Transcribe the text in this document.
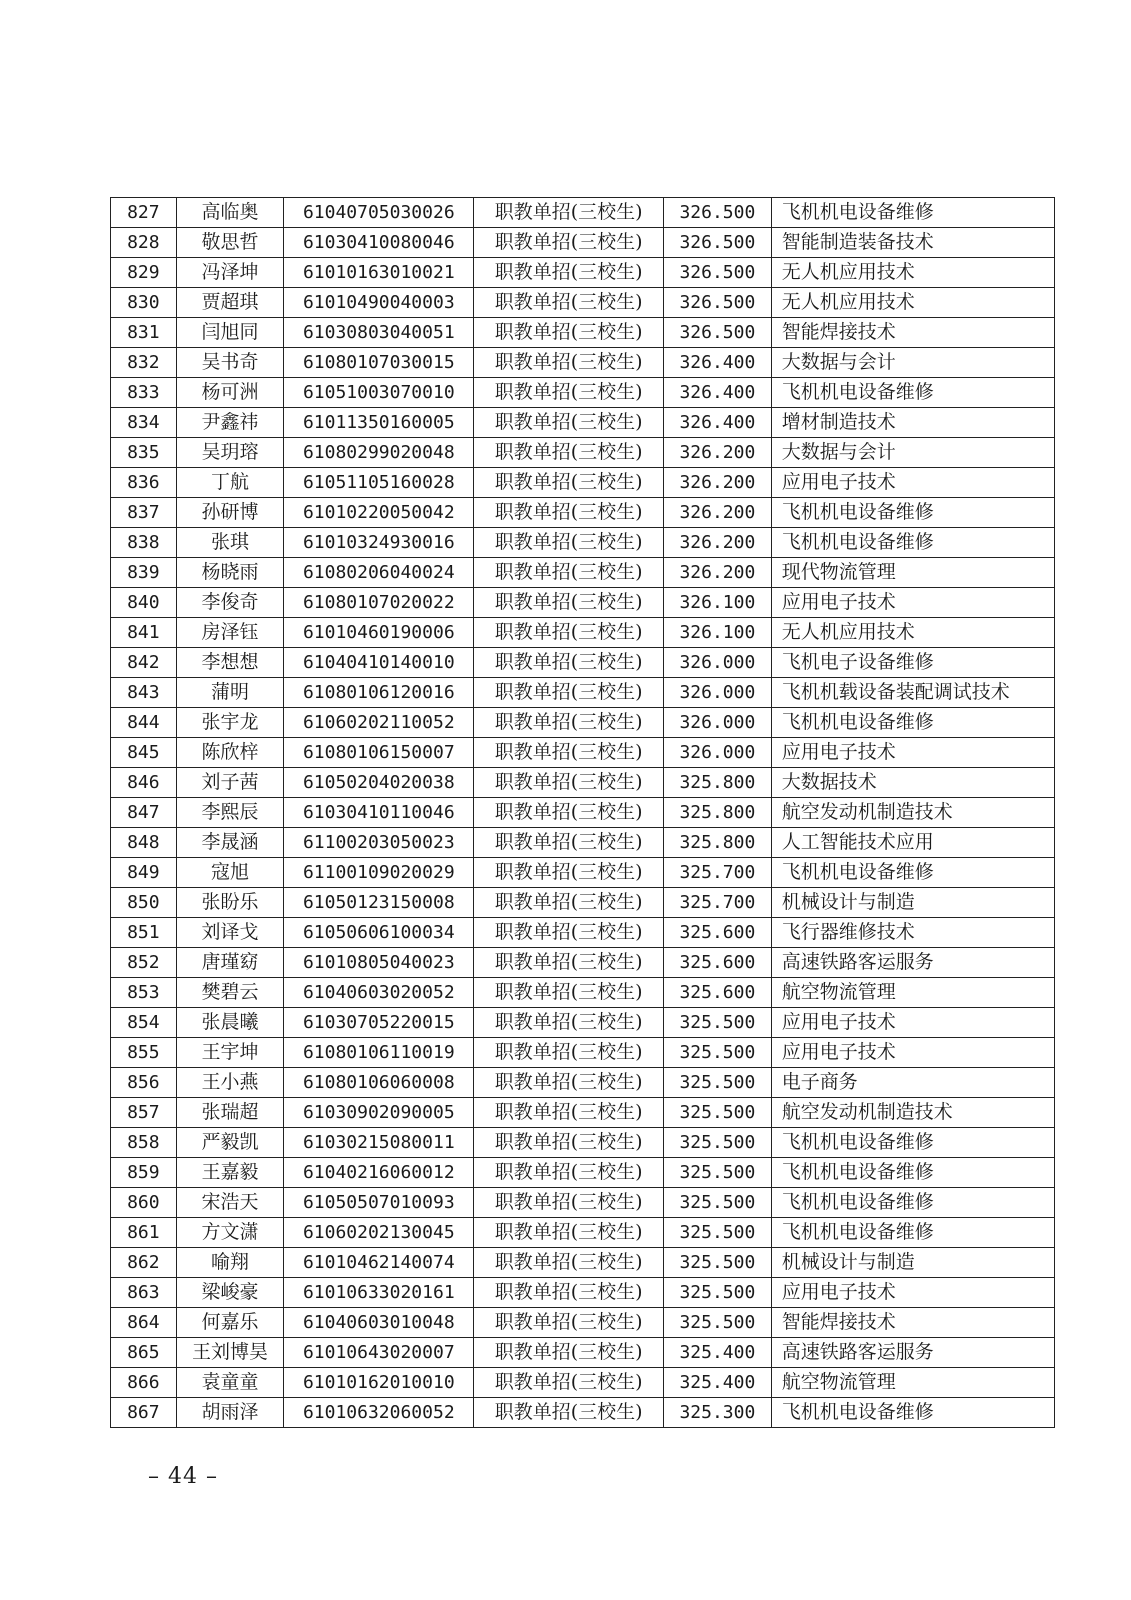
827	高临奥	61040705030026	职教单招(三校生)	326.500	飞机机电设备维修
828	敬思哲	61030410080046	职教单招(三校生)	326.500	智能制造装备技术
829	冯泽坤	61010163010021	职教单招(三校生)	326.500	无人机应用技术
830	贾超琪	61010490040003	职教单招(三校生)	326.500	无人机应用技术
831	闫旭同	61030803040051	职教单招(三校生)	326.500	智能焊接技术
832	吴书奇	61080107030015	职教单招(三校生)	326.400	大数据与会计
833	杨可洲	61051003070010	职教单招(三校生)	326.400	飞机机电设备维修
834	尹鑫祎	61011350160005	职教单招(三校生)	326.400	增材制造技术
835	吴玥瑢	61080299020048	职教单招(三校生)	326.200	大数据与会计
836	丁航	61051105160028	职教单招(三校生)	326.200	应用电子技术
837	孙研博	61010220050042	职教单招(三校生)	326.200	飞机机电设备维修
838	张琪	61010324930016	职教单招(三校生)	326.200	飞机机电设备维修
839	杨晓雨	61080206040024	职教单招(三校生)	326.200	现代物流管理
840	李俊奇	61080107020022	职教单招(三校生)	326.100	应用电子技术
841	房泽钰	61010460190006	职教单招(三校生)	326.100	无人机应用技术
842	李想想	61040410140010	职教单招(三校生)	326.000	飞机电子设备维修
843	蒲明	61080106120016	职教单招(三校生)	326.000	飞机机载设备装配调试技术
844	张宇龙	61060202110052	职教单招(三校生)	326.000	飞机机电设备维修
845	陈欣梓	61080106150007	职教单招(三校生)	326.000	应用电子技术
846	刘子茜	61050204020038	职教单招(三校生)	325.800	大数据技术
847	李熙辰	61030410110046	职教单招(三校生)	325.800	航空发动机制造技术
848	李晟涵	61100203050023	职教单招(三校生)	325.800	人工智能技术应用
849	寇旭	61100109020029	职教单招(三校生)	325.700	飞机机电设备维修
850	张盼乐	61050123150008	职教单招(三校生)	325.700	机械设计与制造
851	刘译戈	61050606100034	职教单招(三校生)	325.600	飞行器维修技术
852	唐瑾窈	61010805040023	职教单招(三校生)	325.600	高速铁路客运服务
853	樊碧云	61040603020052	职教单招(三校生)	325.600	航空物流管理
854	张晨曦	61030705220015	职教单招(三校生)	325.500	应用电子技术
855	王宇坤	61080106110019	职教单招(三校生)	325.500	应用电子技术
856	王小燕	61080106060008	职教单招(三校生)	325.500	电子商务
857	张瑞超	61030902090005	职教单招(三校生)	325.500	航空发动机制造技术
858	严毅凯	61030215080011	职教单招(三校生)	325.500	飞机机电设备维修
859	王嘉毅	61040216060012	职教单招(三校生)	325.500	飞机机电设备维修
860	宋浩天	61050507010093	职教单招(三校生)	325.500	飞机机电设备维修
861	方文潇	61060202130045	职教单招(三校生)	325.500	飞机机电设备维修
862	喻翔	61010462140074	职教单招(三校生)	325.500	机械设计与制造
863	梁峻豪	61010633020161	职教单招(三校生)	325.500	应用电子技术
864	何嘉乐	61040603010048	职教单招(三校生)	325.500	智能焊接技术
865	王刘博昊	61010643020007	职教单招(三校生)	325.400	高速铁路客运服务
866	袁童童	61010162010010	职教单招(三校生)	325.400	航空物流管理
867	胡雨泽	61010632060052	职教单招(三校生)	325.300	飞机机电设备维修
– 44 –
